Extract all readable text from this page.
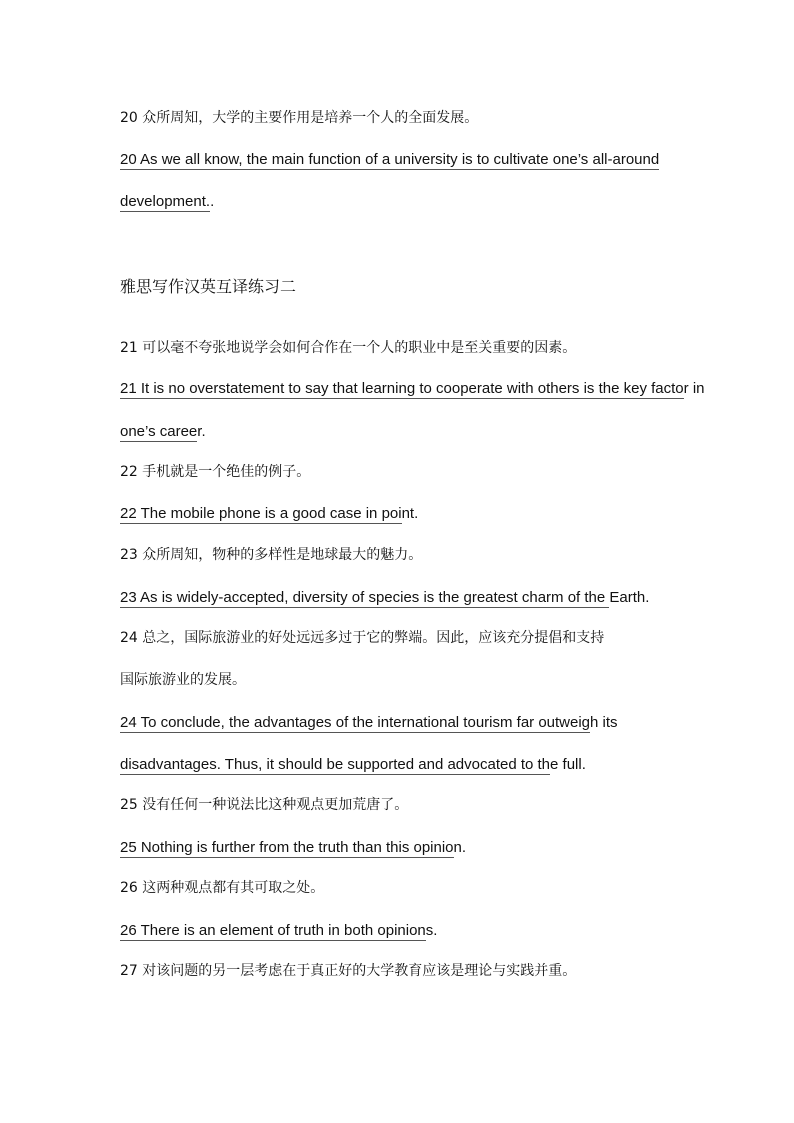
20 众所周知，大学的主要作用是培养一个人的全面发展。
20 As we all know, the main function of a university is to cultivate one’s all-around
development..
雅思写作汉英互译练习二
21 可以毫不夸张地说学会如何合作在一个人的职业中是至关重要的因素。
21 It is no overstatement to say that learning to cooperate with others is the key factor in
one’s career.
22 手机就是一个绝佳的例子。
22 The mobile phone is a good case in point.
23 众所周知，物种的多样性是地球最大的魅力。
23 As is widely-accepted, diversity of species is the greatest charm of the Earth.
24 总之，国际旅游业的好处远远多过于它的弊端。因此，应该充分提倡和支持
国际旅游业的发展。
24 To conclude, the advantages of the international tourism far outweigh its
disadvantages. Thus, it should be supported and advocated to the full.
25 没有任何一种说法比这种观点更加荒唐了。
25 Nothing is further from the truth than this opinion.
26 这两种观点都有其可取之处。
26 There is an element of truth in both opinions.
27 对该问题的另一层考虑在于真正好的大学教育应该是理论与实践并重。
